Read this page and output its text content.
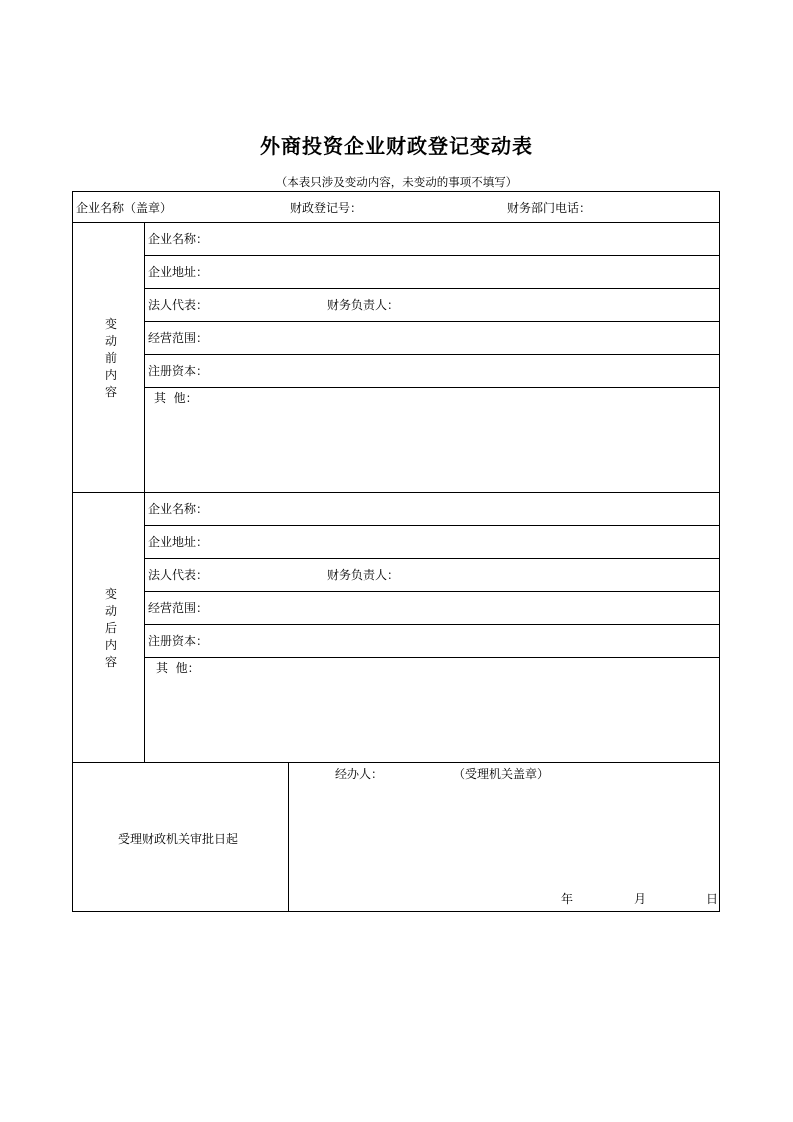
外商投资企业财政登记变动表
（本表只涉及变动内容，未变动的事项不填写）
企业名称（盖章）	财政登记号：	财务部门电话：
变动前内容
企业名称：
企业地址：
法人代表：	财务负责人：
经营范围：
注册资本：
其  他：
变动后内容
企业名称：
企业地址：
法人代表：	财务负责人：
经营范围：
注册资本：
其  他：
受理财政机关审批日起
经办人：	（受理机关盖章）
年	月	日
